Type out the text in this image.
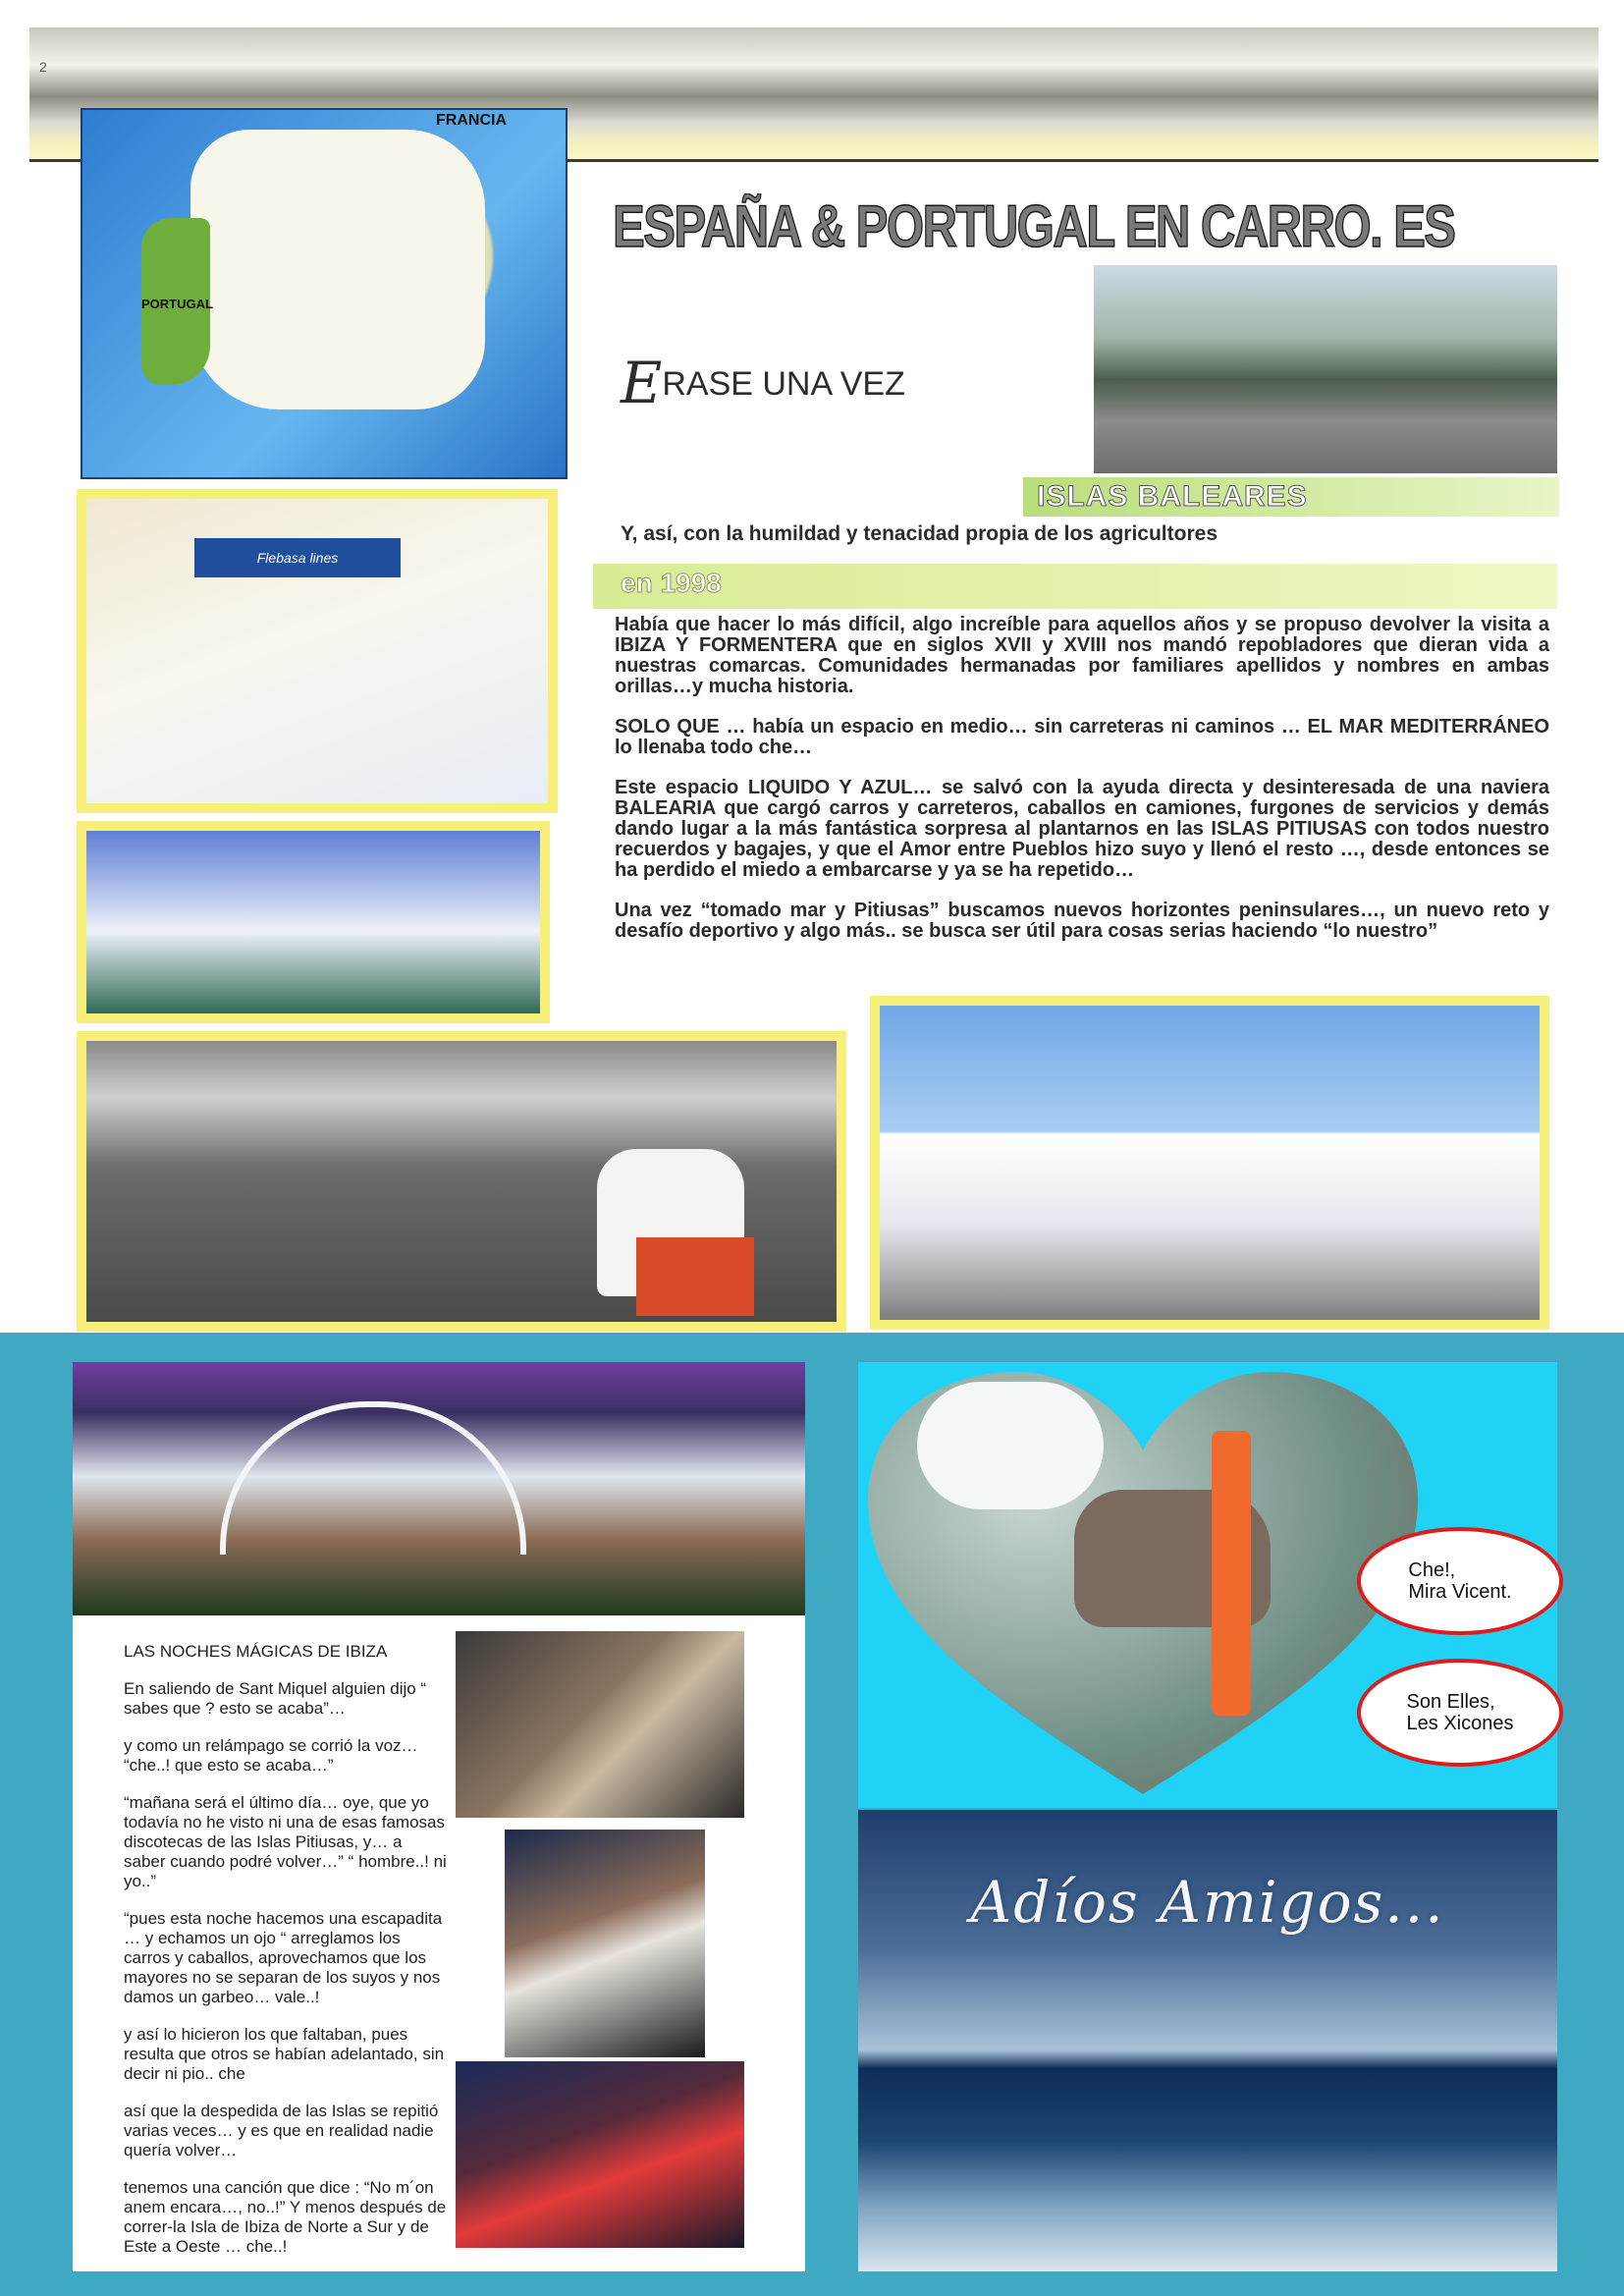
2
FRANCIA
PORTUGAL
Flebasa lines
ESPAÑA & PORTUGAL EN CARRO. ES
ERASE UNA VEZ
ISLAS BALEARES
Y, así, con la humildad y tenacidad propia de los agricultores
en 1998

Había que hacer lo más difícil, algo increíble para aquellos años y se propuso devolver la visita a IBIZA Y FORMENTERA que en siglos XVII y XVIII nos mandó repobladores que dieran vida a nuestras comarcas. Comunidades hermanadas por familiares apellidos y nombres en ambas orillas…y mucha historia.

SOLO QUE … había un espacio en medio… sin carreteras ni caminos … EL MAR MEDITERRÁNEO lo llenaba todo che…

Este espacio LIQUIDO Y AZUL… se salvó con la ayuda directa y desinteresada de una naviera BALEARIA que cargó carros y carreteros, caballos en camiones, furgones de servicios y demás dando lugar a la más fantástica sorpresa al plantarnos en las ISLAS PITIUSAS con todos nuestro recuerdos y bagajes, y que el Amor entre Pueblos hizo suyo y llenó el resto …, desde entonces se ha perdido el miedo a embarcarse y ya se ha repetido…

Una vez “tomado mar y Pitiusas” buscamos nuevos horizontes peninsulares…, un nuevo reto y desafío deportivo y algo más.. se busca ser útil para cosas serias haciendo “lo nuestro”

LAS NOCHES MÁGICAS DE IBIZA

En saliendo de Sant Miquel alguien dijo “ sabes que ? esto se acaba”…

y como un relámpago se corrió la voz… “che..! que esto se acaba…”

“mañana será el último día… oye, que yo todavía no he visto ni una de esas famosas discotecas de las Islas Pitiusas, y… a saber cuando podré volver…” “ hombre..! ni yo..”

“pues esta noche hacemos una escapadita … y echamos un ojo “ arreglamos los carros y caballos, aprovechamos que los mayores no se separan de los suyos y nos damos un garbeo… vale..!

y así lo hicieron los que faltaban, pues resulta que otros se habían adelantado, sin decir ni pio.. che

así que la despedida de las Islas se repitió varias veces… y es que en realidad nadie quería volver…

tenemos una canción que dice : “No m´on anem encara…, no..!” Y menos después de correr-la Isla de Ibiza de Norte a Sur y de Este a Oeste … che..!

Che!,
Mira Vicent.
Son Elles,
Les Xicones
Adíos Amigos...
